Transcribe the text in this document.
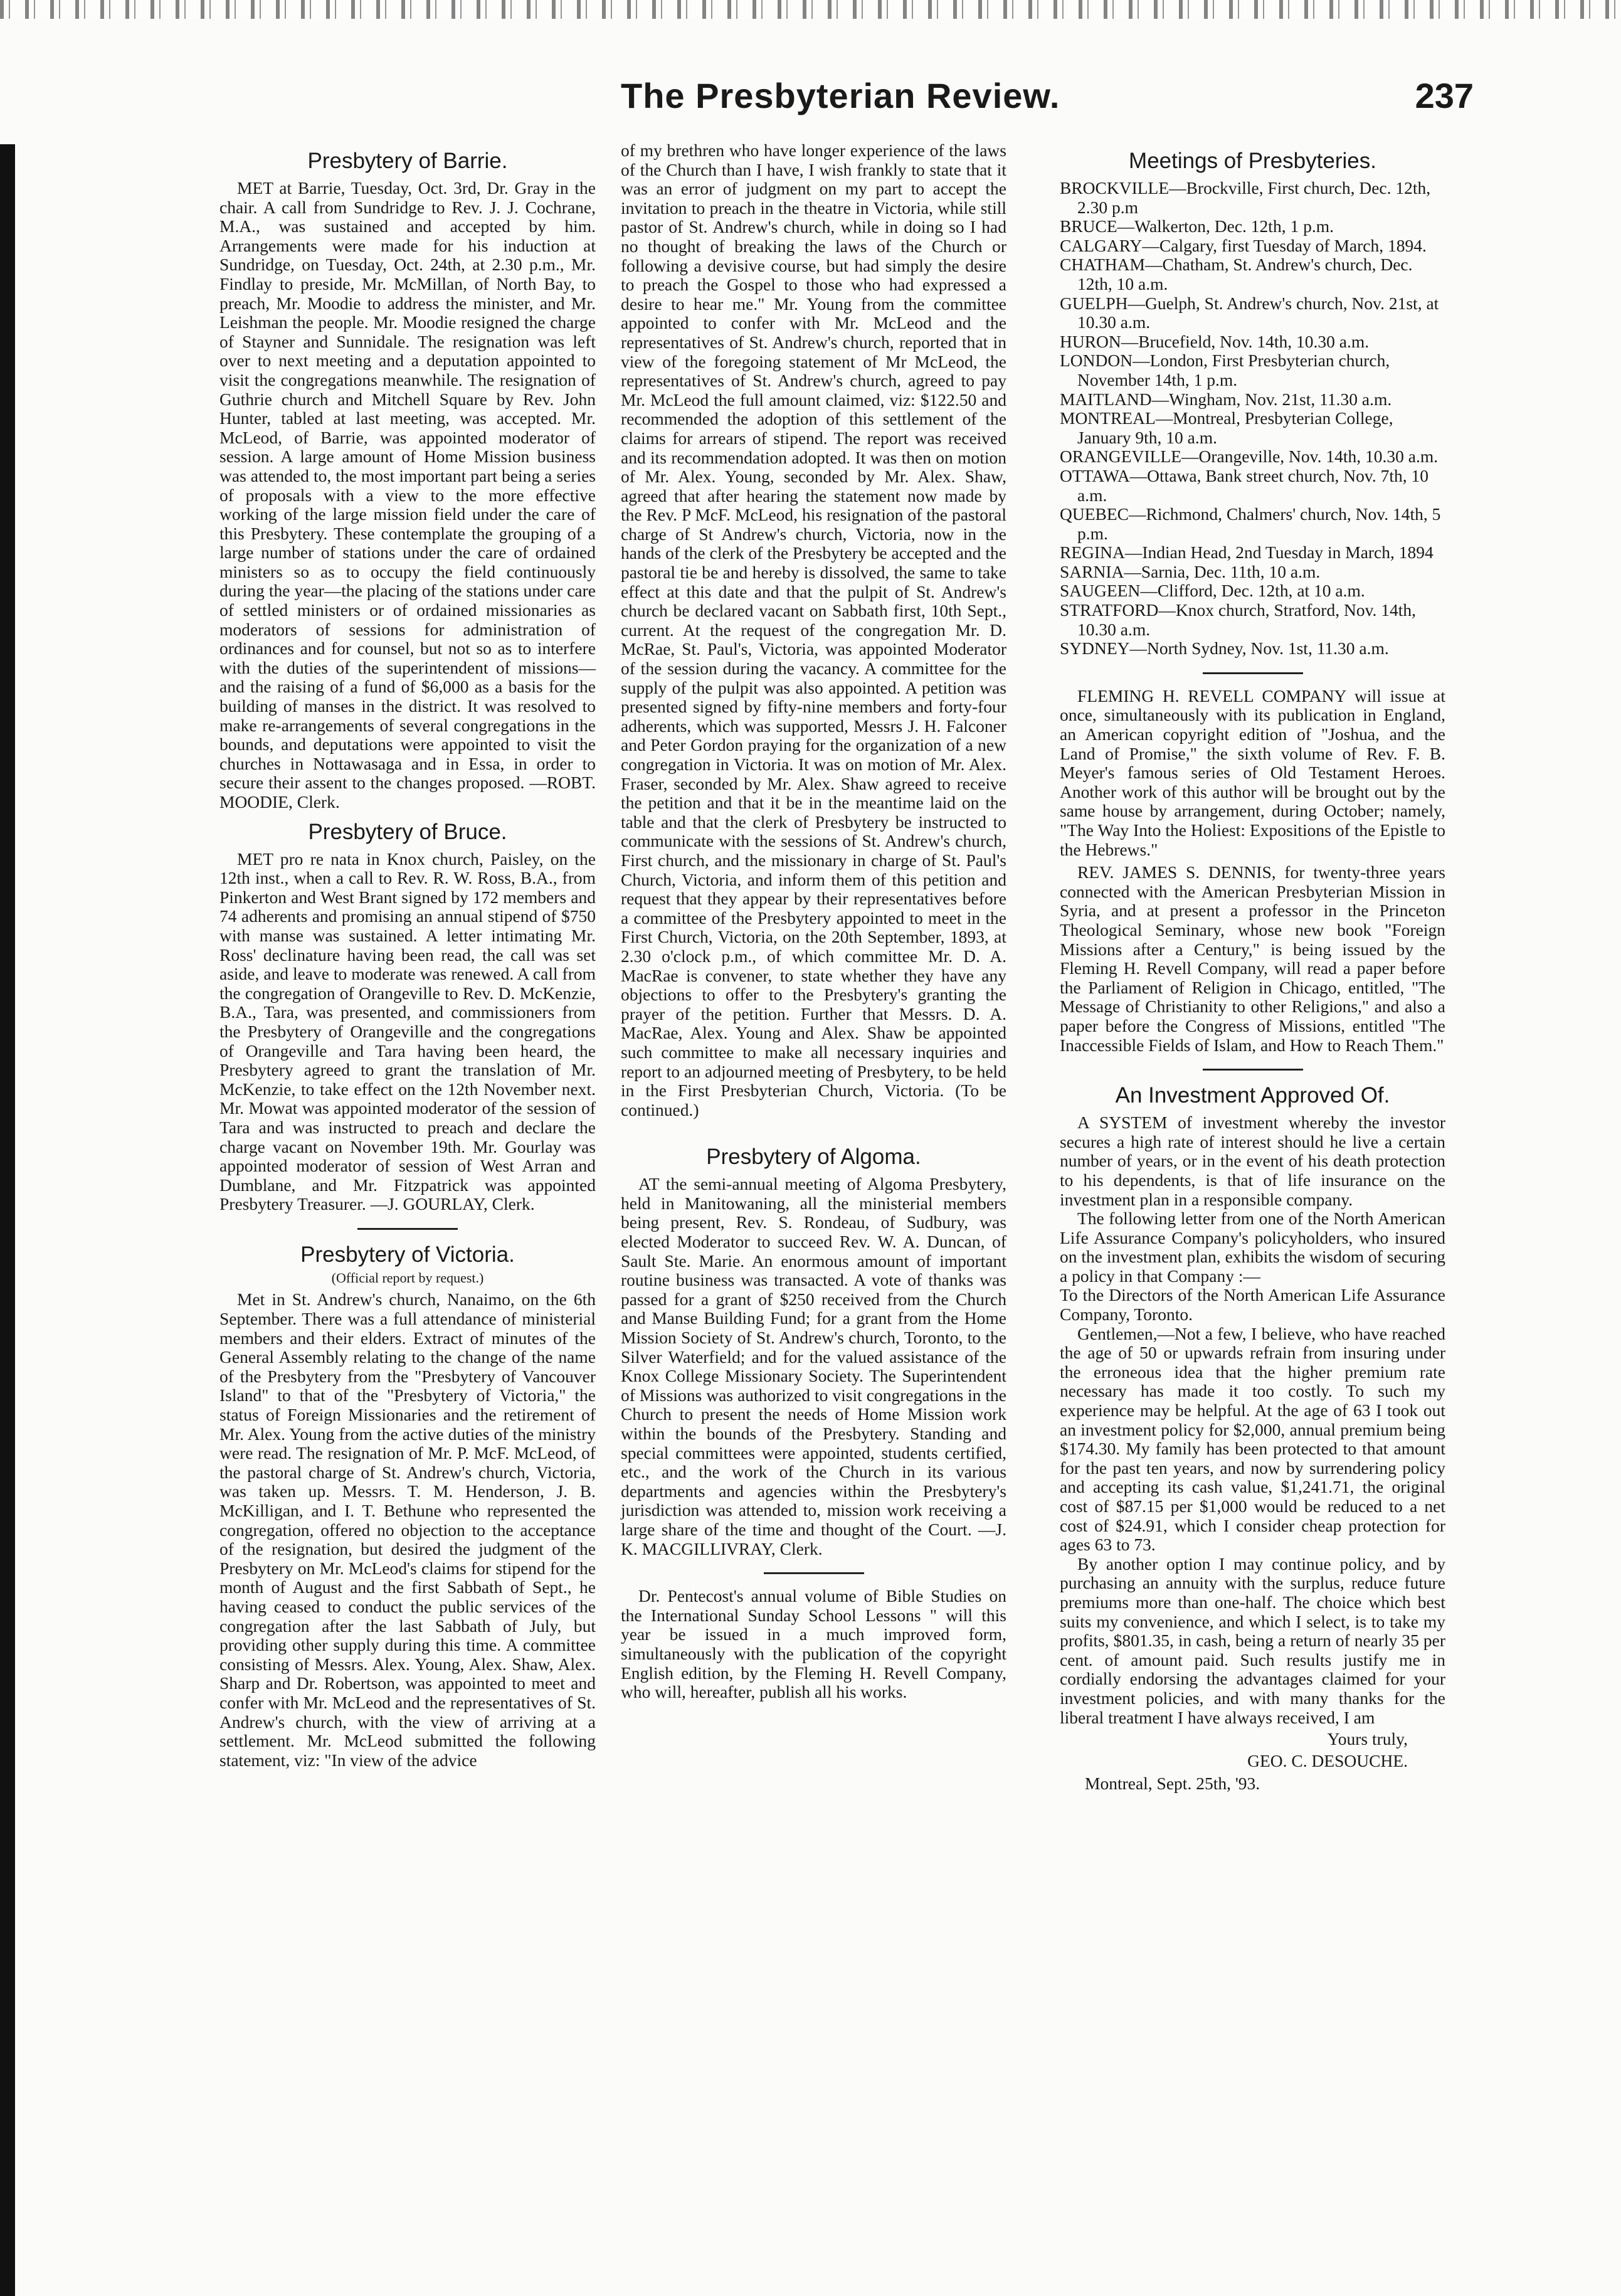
The Presbyterian Review.	237
Presbytery of Barrie.

MET at Barrie, Tuesday, Oct. 3rd, Dr. Gray in the chair. A call from Sundridge to Rev. J. J. Cochrane, M.A., was sustained and accepted by him. Arrangements were made for his induction at Sundridge, on Tuesday, Oct. 24th, at 2.30 p.m., Mr. Findlay to preside, Mr. McMillan, of North Bay, to preach, Mr. Moodie to address the minister, and Mr. Leishman the people. Mr. Moodie resigned the charge of Stayner and Sunnidale. The resignation was left over to next meeting and a deputation appointed to visit the congregations meanwhile. The resignation of Guthrie church and Mitchell Square by Rev. John Hunter, tabled at last meeting, was accepted. Mr. McLeod, of Barrie, was appointed moderator of session. A large amount of Home Mission business was attended to, the most important part being a series of proposals with a view to the more effective working of the large mission field under the care of this Presbytery. These contemplate the grouping of a large number of stations under the care of ordained ministers so as to occupy the field continuously during the year—the placing of the stations under care of settled ministers or of ordained missionaries as moderators of sessions for administration of ordinances and for counsel, but not so as to interfere with the duties of the superintendent of missions—and the raising of a fund of $6,000 as a basis for the building of manses in the district. It was resolved to make re-arrangements of several congregations in the bounds, and deputations were appointed to visit the churches in Nottawasaga and in Essa, in order to secure their assent to the changes proposed. —ROBT. MOODIE, Clerk.

Presbytery of Bruce.

MET pro re nata in Knox church, Paisley, on the 12th inst., when a call to Rev. R. W. Ross, B.A., from Pinkerton and West Brant signed by 172 members and 74 adherents and promising an annual stipend of $750 with manse was sustained. A letter intimating Mr. Ross' declinature having been read, the call was set aside, and leave to moderate was renewed. A call from the congregation of Orangeville to Rev. D. McKenzie, B.A., Tara, was presented, and commissioners from the Presbytery of Orangeville and the congregations of Orangeville and Tara having been heard, the Presbytery agreed to grant the translation of Mr. McKenzie, to take effect on the 12th November next. Mr. Mowat was appointed moderator of the session of Tara and was instructed to preach and declare the charge vacant on November 19th. Mr. Gourlay was appointed moderator of session of West Arran and Dumblane, and Mr. Fitzpatrick was appointed Presbytery Treasurer. —J. GOURLAY, Clerk.

Presbytery of Victoria.
(Official report by request.)

Met in St. Andrew's church, Nanaimo, on the 6th September. There was a full attendance of ministerial members and their elders. Extract of minutes of the General Assembly relating to the change of the name of the Presbytery from the "Presbytery of Vancouver Island" to that of the "Presbytery of Victoria," the status of Foreign Missionaries and the retirement of Mr. Alex. Young from the active duties of the ministry were read. The resignation of Mr. P. McF. McLeod, of the pastoral charge of St. Andrew's church, Victoria, was taken up. Messrs. T. M. Henderson, J. B. McKilligan, and I. T. Bethune who represented the congregation, offered no objection to the acceptance of the resignation, but desired the judgment of the Presbytery on Mr. McLeod's claims for stipend for the month of August and the first Sabbath of Sept., he having ceased to conduct the public services of the congregation after the last Sabbath of July, but providing other supply during this time. A committee consisting of Messrs. Alex. Young, Alex. Shaw, Alex. Sharp and Dr. Robertson, was appointed to meet and confer with Mr. McLeod and the representatives of St. Andrew's church, with the view of arriving at a settlement. Mr. McLeod submitted the following statement, viz: "In view of the advice

of my brethren who have longer experience of the laws of the Church than I have, I wish frankly to state that it was an error of judgment on my part to accept the invitation to preach in the theatre in Victoria, while still pastor of St. Andrew's church, while in doing so I had no thought of breaking the laws of the Church or following a devisive course, but had simply the desire to preach the Gospel to those who had expressed a desire to hear me." Mr. Young from the committee appointed to confer with Mr. McLeod and the representatives of St. Andrew's church, reported that in view of the foregoing statement of Mr McLeod, the representatives of St. Andrew's church, agreed to pay Mr. McLeod the full amount claimed, viz: $122.50 and recommended the adoption of this settlement of the claims for arrears of stipend. The report was received and its recommendation adopted. It was then on motion of Mr. Alex. Young, seconded by Mr. Alex. Shaw, agreed that after hearing the statement now made by the Rev. P McF. McLeod, his resignation of the pastoral charge of St Andrew's church, Victoria, now in the hands of the clerk of the Presbytery be accepted and the pastoral tie be and hereby is dissolved, the same to take effect at this date and that the pulpit of St. Andrew's church be declared vacant on Sabbath first, 10th Sept., current. At the request of the congregation Mr. D. McRae, St. Paul's, Victoria, was appointed Moderator of the session during the vacancy. A committee for the supply of the pulpit was also appointed. A petition was presented signed by fifty-nine members and forty-four adherents, which was supported, Messrs J. H. Falconer and Peter Gordon praying for the organization of a new congregation in Victoria. It was on motion of Mr. Alex. Fraser, seconded by Mr. Alex. Shaw agreed to receive the petition and that it be in the meantime laid on the table and that the clerk of Presbytery be instructed to communicate with the sessions of St. Andrew's church, First church, and the missionary in charge of St. Paul's Church, Victoria, and inform them of this petition and request that they appear by their representatives before a committee of the Presbytery appointed to meet in the First Church, Victoria, on the 20th September, 1893, at 2.30 o'clock p.m., of which committee Mr. D. A. MacRae is convener, to state whether they have any objections to offer to the Presbytery's granting the prayer of the petition. Further that Messrs. D. A. MacRae, Alex. Young and Alex. Shaw be appointed such committee to make all necessary inquiries and report to an adjourned meeting of Presbytery, to be held in the First Presbyterian Church, Victoria. (To be continued.)

Presbytery of Algoma.

AT the semi-annual meeting of Algoma Presbytery, held in Manitowaning, all the ministerial members being present, Rev. S. Rondeau, of Sudbury, was elected Moderator to succeed Rev. W. A. Duncan, of Sault Ste. Marie. An enormous amount of important routine business was transacted. A vote of thanks was passed for a grant of $250 received from the Church and Manse Building Fund; for a grant from the Home Mission Society of St. Andrew's church, Toronto, to the Silver Waterfield; and for the valued assistance of the Knox College Missionary Society. The Superintendent of Missions was authorized to visit congregations in the Church to present the needs of Home Mission work within the bounds of the Presbytery. Standing and special committees were appointed, students certified, etc., and the work of the Church in its various departments and agencies within the Presbytery's jurisdiction was attended to, mission work receiving a large share of the time and thought of the Court. —J. K. MACGILLIVRAY, Clerk.

Dr. Pentecost's annual volume of Bible Studies on the International Sunday School Lessons " will this year be issued in a much improved form, simultaneously with the publication of the copyright English edition, by the Fleming H. Revell Company, who will, hereafter, publish all his works.

Meetings of Presbyteries.

BROCKVILLE—Brockville, First church, Dec. 12th, 2.30 p.m

BRUCE—Walkerton, Dec. 12th, 1 p.m.

CALGARY—Calgary, first Tuesday of March, 1894.

CHATHAM—Chatham, St. Andrew's church, Dec. 12th, 10 a.m.

GUELPH—Guelph, St. Andrew's church, Nov. 21st, at 10.30 a.m.

HURON—Brucefield, Nov. 14th, 10.30 a.m.

LONDON—London, First Presbyterian church, November 14th, 1 p.m.

MAITLAND—Wingham, Nov. 21st, 11.30 a.m.

MONTREAL—Montreal, Presbyterian College, January 9th, 10 a.m.

ORANGEVILLE—Orangeville, Nov. 14th, 10.30 a.m.

OTTAWA—Ottawa, Bank street church, Nov. 7th, 10 a.m.

QUEBEC—Richmond, Chalmers' church, Nov. 14th, 5 p.m.

REGINA—Indian Head, 2nd Tuesday in March, 1894

SARNIA—Sarnia, Dec. 11th, 10 a.m.

SAUGEEN—Clifford, Dec. 12th, at 10 a.m.

STRATFORD—Knox church, Stratford, Nov. 14th, 10.30 a.m.

SYDNEY—North Sydney, Nov. 1st, 11.30 a.m.

FLEMING H. REVELL COMPANY will issue at once, simultaneously with its publication in England, an American copyright edition of "Joshua, and the Land of Promise," the sixth volume of Rev. F. B. Meyer's famous series of Old Testament Heroes. Another work of this author will be brought out by the same house by arrangement, during October; namely, "The Way Into the Holiest: Expositions of the Epistle to the Hebrews."

REV. JAMES S. DENNIS, for twenty-three years connected with the American Presbyterian Mission in Syria, and at present a professor in the Princeton Theological Seminary, whose new book "Foreign Missions after a Century," is being issued by the Fleming H. Revell Company, will read a paper before the Parliament of Religion in Chicago, entitled, "The Message of Christianity to other Religions," and also a paper before the Congress of Missions, entitled "The Inaccessible Fields of Islam, and How to Reach Them."

An Investment Approved Of.

A SYSTEM of investment whereby the investor secures a high rate of interest should he live a certain number of years, or in the event of his death protection to his dependents, is that of life insurance on the investment plan in a responsible company.

The following letter from one of the North American Life Assurance Company's policyholders, who insured on the investment plan, exhibits the wisdom of securing a policy in that Company :—

To the Directors of the North American Life Assurance Company, Toronto.

Gentlemen,—Not a few, I believe, who have reached the age of 50 or upwards refrain from insuring under the erroneous idea that the higher premium rate necessary has made it too costly. To such my experience may be helpful. At the age of 63 I took out an investment policy for $2,000, annual premium being $174.30. My family has been protected to that amount for the past ten years, and now by surrendering policy and accepting its cash value, $1,241.71, the original cost of $87.15 per $1,000 would be reduced to a net cost of $24.91, which I consider cheap protection for ages 63 to 73.

By another option I may continue policy, and by purchasing an annuity with the surplus, reduce future premiums more than one-half. The choice which best suits my convenience, and which I select, is to take my profits, $801.35, in cash, being a return of nearly 35 per cent. of amount paid. Such results justify me in cordially endorsing the advantages claimed for your investment policies, and with many thanks for the liberal treatment I have always received, I am

Yours truly,
GEO. C. DESOUCHE.

Montreal, Sept. 25th, '93.
